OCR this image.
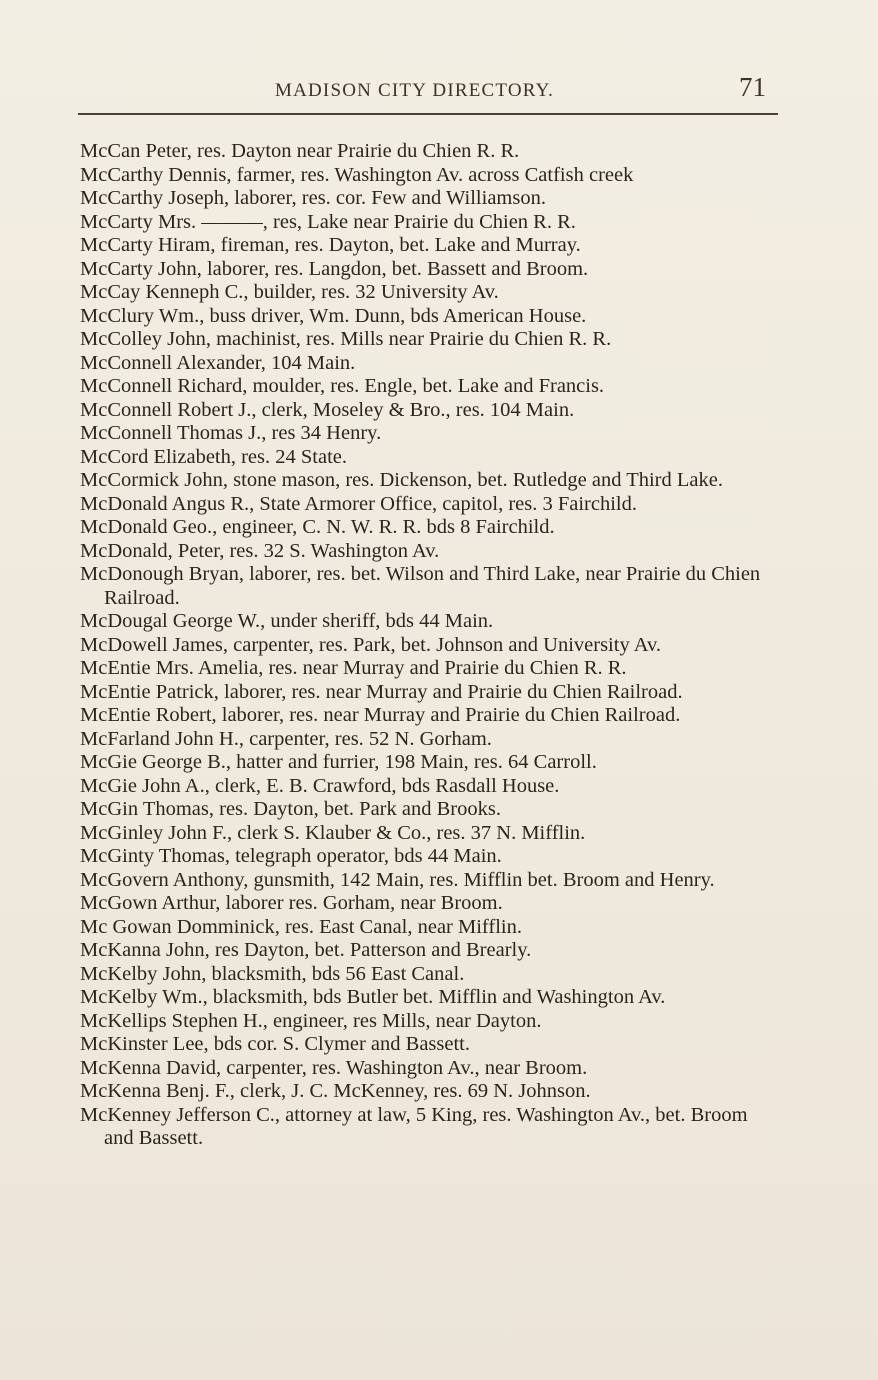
MADISON CITY DIRECTORY.	71
McCan Peter, res. Dayton near Prairie du Chien R. R.
McCarthy Dennis, farmer, res. Washington Av. across Catfish creek
McCarthy Joseph, laborer, res. cor. Few and Williamson.
McCarty Mrs. ———, res, Lake near Prairie du Chien R. R.
McCarty Hiram, fireman, res. Dayton, bet. Lake and Murray.
McCarty John, laborer, res. Langdon, bet. Bassett and Broom.
McCay Kenneph C., builder, res. 32 University Av.
McClury Wm., buss driver, Wm. Dunn, bds American House.
McColley John, machinist, res. Mills near Prairie du Chien R. R.
McConnell Alexander, 104 Main.
McConnell Richard, moulder, res. Engle, bet. Lake and Francis.
McConnell Robert J., clerk, Moseley & Bro., res. 104 Main.
McConnell Thomas J., res 34 Henry.
McCord Elizabeth, res. 24 State.
McCormick John, stone mason, res. Dickenson, bet. Rutledge and Third Lake.
McDonald Angus R., State Armorer Office, capitol, res. 3 Fairchild.
McDonald Geo., engineer, C. N. W. R. R. bds 8 Fairchild.
McDonald, Peter, res. 32 S. Washington Av.
McDonough Bryan, laborer, res. bet. Wilson and Third Lake, near Prairie du Chien Railroad.
McDougal George W., under sheriff, bds 44 Main.
McDowell James, carpenter, res. Park, bet. Johnson and University Av.
McEntie Mrs. Amelia, res. near Murray and Prairie du Chien R. R.
McEntie Patrick, laborer, res. near Murray and Prairie du Chien Railroad.
McEntie Robert, laborer, res. near Murray and Prairie du Chien Railroad.
McFarland John H., carpenter, res. 52 N. Gorham.
McGie George B., hatter and furrier, 198 Main, res. 64 Carroll.
McGie John A., clerk, E. B. Crawford, bds Rasdall House.
McGin Thomas, res. Dayton, bet. Park and Brooks.
McGinley John F., clerk S. Klauber & Co., res. 37 N. Mifflin.
McGinty Thomas, telegraph operator, bds 44 Main.
McGovern Anthony, gunsmith, 142 Main, res. Mifflin bet. Broom and Henry.
McGown Arthur, laborer res. Gorham, near Broom.
Mc Gowan Domminick, res. East Canal, near Mifflin.
McKanna John, res Dayton, bet. Patterson and Brearly.
McKelby John, blacksmith, bds 56 East Canal.
McKelby Wm., blacksmith, bds Butler bet. Mifflin and Washington Av.
McKellips Stephen H., engineer, res Mills, near Dayton.
McKinster Lee, bds cor. S. Clymer and Bassett.
McKenna David, carpenter, res. Washington Av., near Broom.
McKenna Benj. F., clerk, J. C. McKenney, res. 69 N. Johnson.
McKenney Jefferson C., attorney at law, 5 King, res. Washington Av., bet. Broom and Bassett.
